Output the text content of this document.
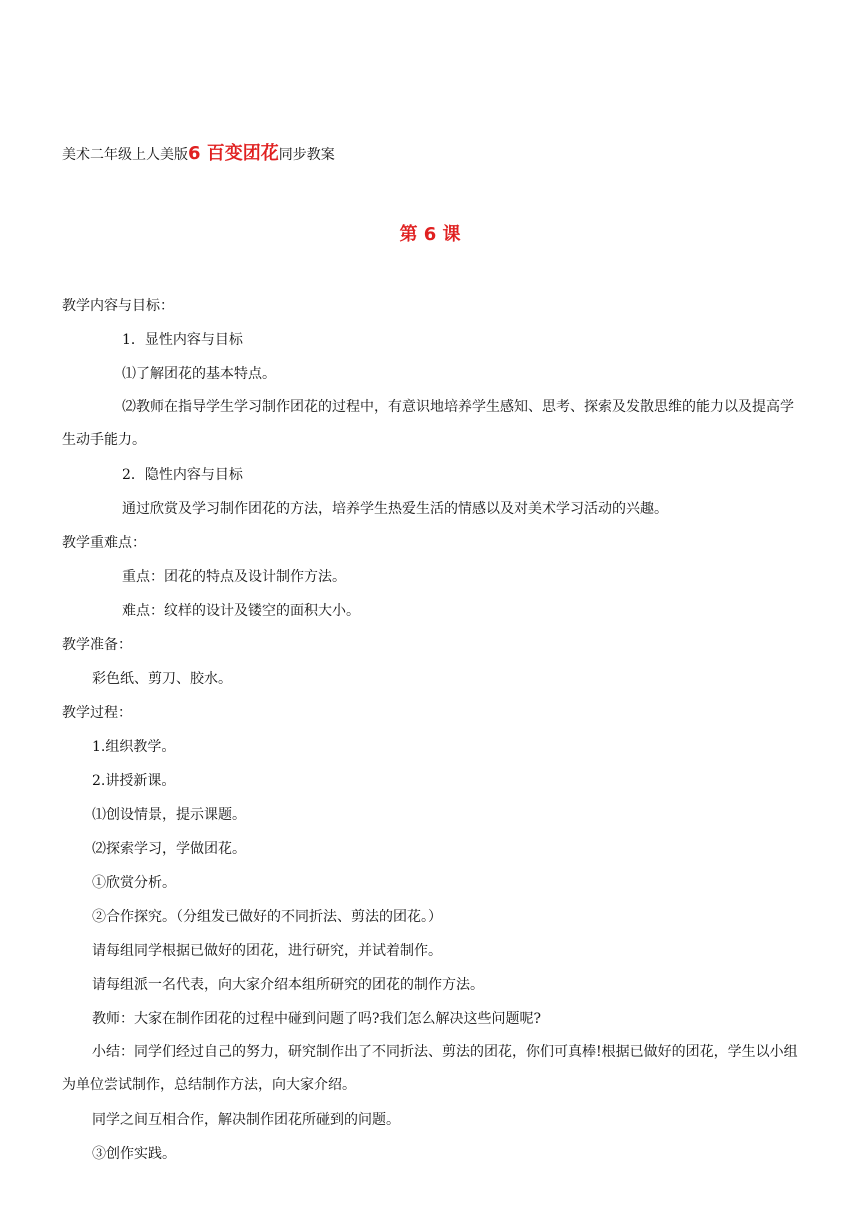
美术二年级上人美版6 百变团花同步教案
第 6 课
教学内容与目标：
1．显性内容与目标
⑴了解团花的基本特点。
⑵教师在指导学生学习制作团花的过程中，有意识地培养学生感知、思考、探索及发散思维的能力以及提高学生动手能力。
2．隐性内容与目标
通过欣赏及学习制作团花的方法，培养学生热爱生活的情感以及对美术学习活动的兴趣。
教学重难点：
重点：团花的特点及设计制作方法。
难点：纹样的设计及镂空的面积大小。
教学准备：
彩色纸、剪刀、胶水。
教学过程：
1.组织教学。
2.讲授新课。
⑴创设情景，提示课题。
⑵探索学习，学做团花。
①欣赏分析。
②合作探究。（分组发已做好的不同折法、剪法的团花。）
请每组同学根据已做好的团花，进行研究，并试着制作。
请每组派一名代表，向大家介绍本组所研究的团花的制作方法。
教师：大家在制作团花的过程中碰到问题了吗?我们怎么解决这些问题呢?
小结：同学们经过自己的努力，研究制作出了不同折法、剪法的团花，你们可真棒!根据已做好的团花，学生以小组为单位尝试制作，总结制作方法，向大家介绍。
同学之间互相合作，解决制作团花所碰到的问题。
③创作实践。
